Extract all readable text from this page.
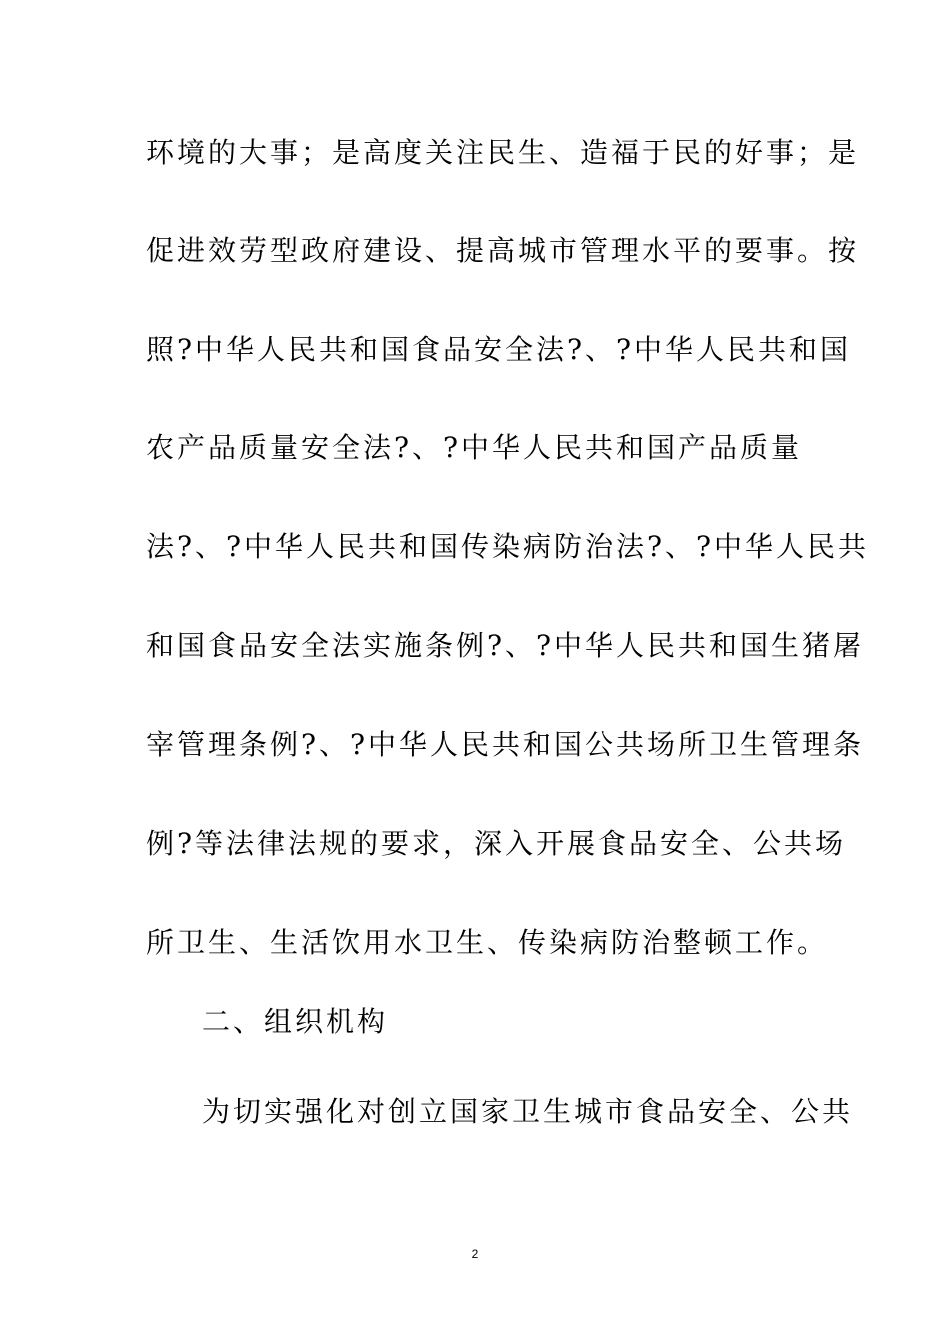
环境的大事；是高度关注民生、造福于民的好事；是
促进效劳型政府建设、提高城市管理水平的要事。按
照?中华人民共和国食品安全法?、?中华人民共和国
农产品质量安全法?、?中华人民共和国产品质量
法?、?中华人民共和国传染病防治法?、?中华人民共
和国食品安全法实施条例?、?中华人民共和国生猪屠
宰管理条例?、?中华人民共和国公共场所卫生管理条
例?等法律法规的要求，深入开展食品安全、公共场
所卫生、生活饮用水卫生、传染病防治整顿工作。
二、组织机构
为切实强化对创立国家卫生城市食品安全、公共
2
